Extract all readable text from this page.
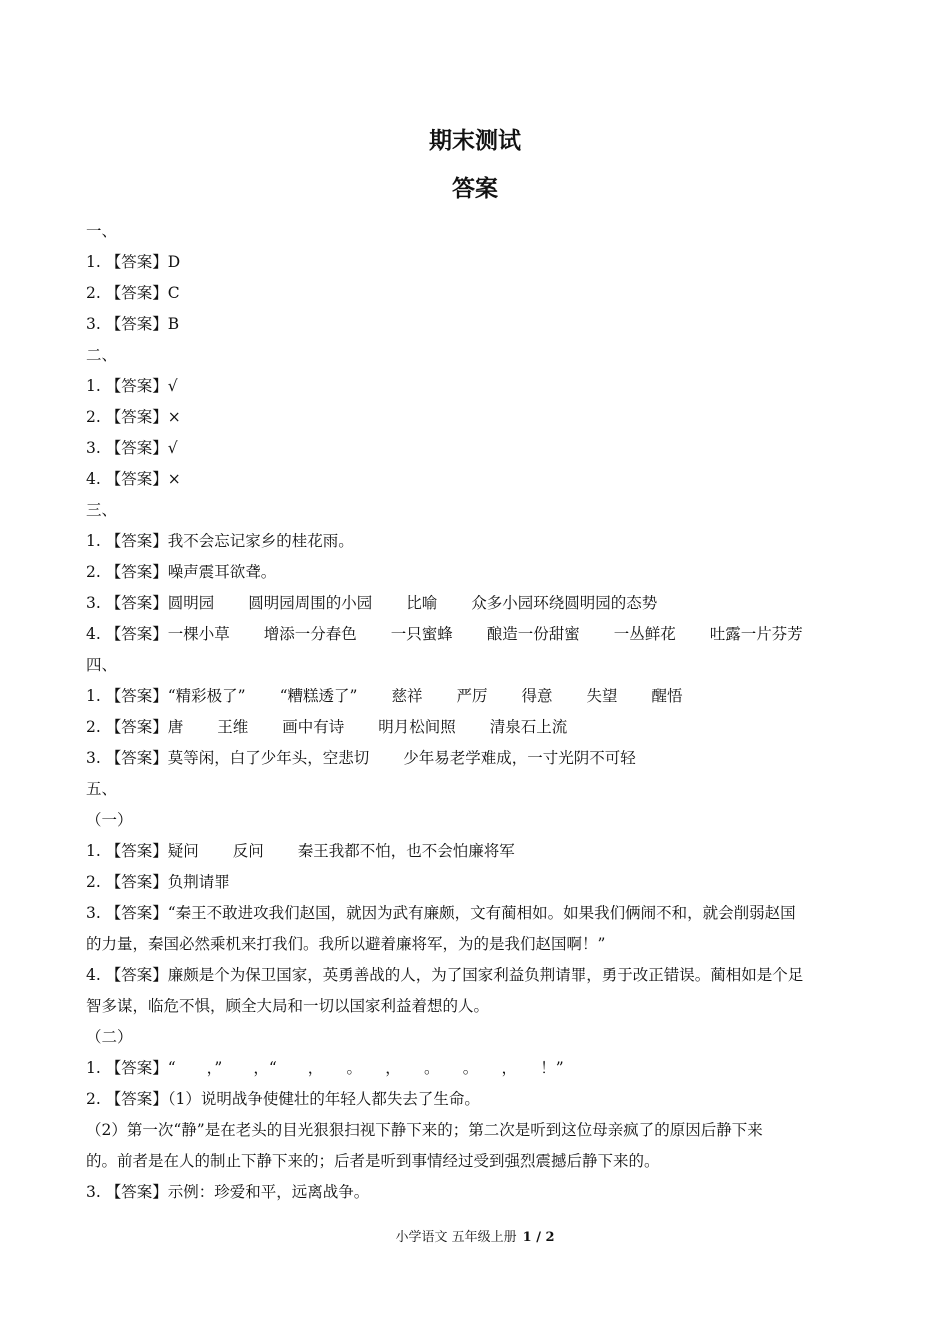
期末测试
答案
一、
1. 【答案】D
2. 【答案】C
3. 【答案】B
二、
1. 【答案】√
2. 【答案】×
3. 【答案】√
4. 【答案】×
三、
1. 【答案】我不会忘记家乡的桂花雨。
2. 【答案】噪声震耳欲聋。
3. 【答案】圆明园 圆明园周围的小园 比喻 众多小园环绕圆明园的态势
4. 【答案】一棵小草 增添一分春色 一只蜜蜂 酿造一份甜蜜 一丛鲜花 吐露一片芬芳
四、
1. 【答案】“精彩极了” “糟糕透了” 慈祥 严厉 得意 失望 醒悟
2. 【答案】唐 王维 画中有诗 明月松间照 清泉石上流
3. 【答案】莫等闲，白了少年头，空悲切 少年易老学难成，一寸光阴不可轻
五、
（一）
1. 【答案】疑问 反问 秦王我都不怕，也不会怕廉将军
2. 【答案】负荆请罪
3. 【答案】“秦王不敢进攻我们赵国，就因为武有廉颇，文有蔺相如。如果我们俩闹不和，就会削弱赵国
的力量，秦国必然乘机来打我们。我所以避着廉将军，为的是我们赵国啊！”
4. 【答案】廉颇是个为保卫国家，英勇善战的人，为了国家利益负荆请罪，勇于改正错误。蔺相如是个足
智多谋，临危不惧，顾全大局和一切以国家利益着想的人。
（二）
1. 【答案】“　　，”　　，“　　，　　。　　，　　。　　。　　，　　！”
2. 【答案】（1）说明战争使健壮的年轻人都失去了生命。
（2）第一次“静”是在老头的目光狠狠扫视下静下来的；第二次是听到这位母亲疯了的原因后静下来
的。前者是在人的制止下静下来的；后者是听到事情经过受到强烈震撼后静下来的。
3. 【答案】示例：珍爱和平，远离战争。
小学语文 五年级上册 1 / 2
